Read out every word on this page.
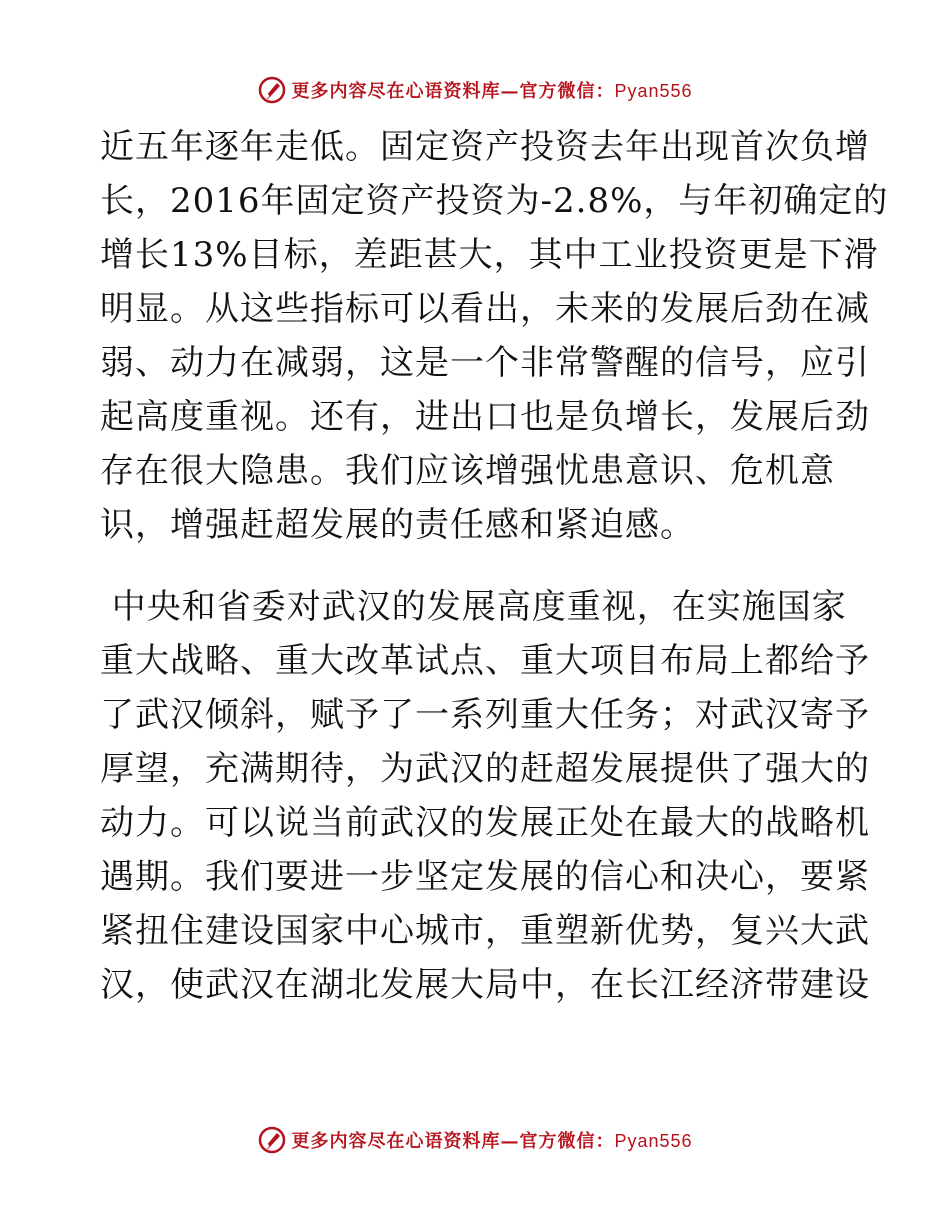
更多内容尽在心语资料库—官方微信：Pyan556

近五年逐年走低。固定资产投资去年出现首次负增

长，2016年固定资产投资为-2.8%，与年初确定的

增长13%目标，差距甚大，其中工业投资更是下滑

明显。从这些指标可以看出，未来的发展后劲在减

弱、动力在减弱，这是一个非常警醒的信号，应引

起高度重视。还有，进出口也是负增长，发展后劲

存在很大隐患。我们应该增强忧患意识、危机意

识，增强赶超发展的责任感和紧迫感。

中央和省委对武汉的发展高度重视，在实施国家

重大战略、重大改革试点、重大项目布局上都给予

了武汉倾斜，赋予了一系列重大任务；对武汉寄予

厚望，充满期待，为武汉的赶超发展提供了强大的

动力。可以说当前武汉的发展正处在最大的战略机

遇期。我们要进一步坚定发展的信心和决心，要紧

紧扭住建设国家中心城市，重塑新优势，复兴大武

汉，使武汉在湖北发展大局中，在长江经济带建设

更多内容尽在心语资料库—官方微信：Pyan556
